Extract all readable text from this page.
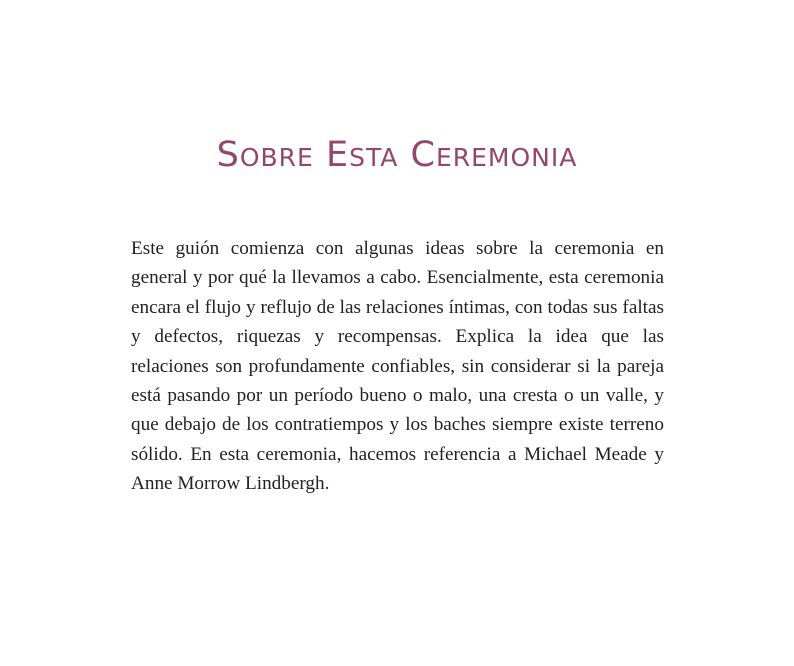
Sobre Esta Ceremonia

Este guión comienza con algunas ideas sobre la ceremonia en general y por qué la llevamos a cabo. Esencialmente, esta ceremonia encara el flujo y reflujo de las relaciones íntimas, con todas sus faltas y defectos, riquezas y recompensas. Explica la idea que las relaciones son profundamente confiables, sin considerar si la pareja está pasando por un período bueno o malo, una cresta o un valle, y que debajo de los contratiempos y los baches siempre existe terreno sólido. En esta ceremonia, hacemos referencia a Michael Meade y Anne Morrow Lindbergh.
